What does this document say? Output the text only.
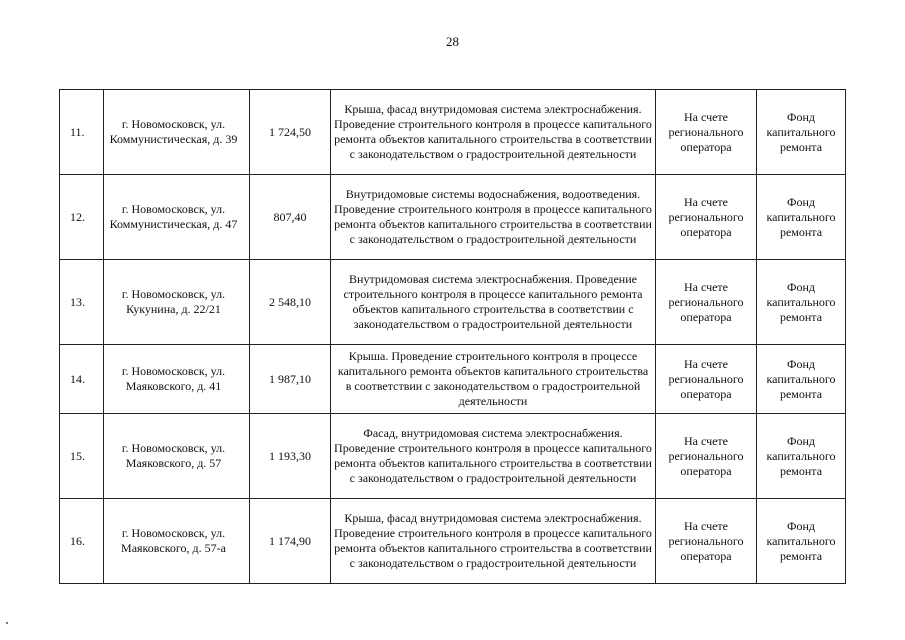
28
11.	г. Новомосковск, ул. Коммунистическая, д. 39	1 724,50	Крыша, фасад внутридомовая система электроснабжения. Проведение строительного контроля в процессе капитального ремонта объектов капитального строительства в соответствии с законодательством о градостроительной деятельности	На счете регионального оператора	Фонд капитального ремонта
12.	г. Новомосковск, ул. Коммунистическая, д. 47	807,40	Внутридомовые системы водоснабжения, водоотведения. Проведение строительного контроля в процессе капитального ремонта объектов капитального строительства в соответствии с законодательством о градостроительной деятельности	На счете регионального оператора	Фонд капитального ремонта
13.	г. Новомосковск, ул. Кукунина, д. 22/21	2 548,10	Внутридомовая система электроснабжения. Проведение строительного контроля в процессе капитального ремонта объектов капитального строительства в соответствии с законодательством о градостроительной деятельности	На счете регионального оператора	Фонд капитального ремонта
14.	г. Новомосковск, ул. Маяковского, д. 41	1 987,10	Крыша. Проведение строительного контроля в процессе капитального ремонта объектов капитального строительства в соответствии с законодательством о градостроительной деятельности	На счете регионального оператора	Фонд капитального ремонта
15.	г. Новомосковск, ул. Маяковского, д. 57	1 193,30	Фасад, внутридомовая система электроснабжения. Проведение строительного контроля в процессе капитального ремонта объектов капитального строительства в соответствии с законодательством о градостроительной деятельности	На счете регионального оператора	Фонд капитального ремонта
16.	г. Новомосковск, ул. Маяковского, д. 57-а	1 174,90	Крыша, фасад внутридомовая система электроснабжения. Проведение строительного контроля в процессе капитального ремонта объектов капитального строительства в соответствии с законодательством о градостроительной деятельности	На счете регионального оператора	Фонд капитального ремонта
